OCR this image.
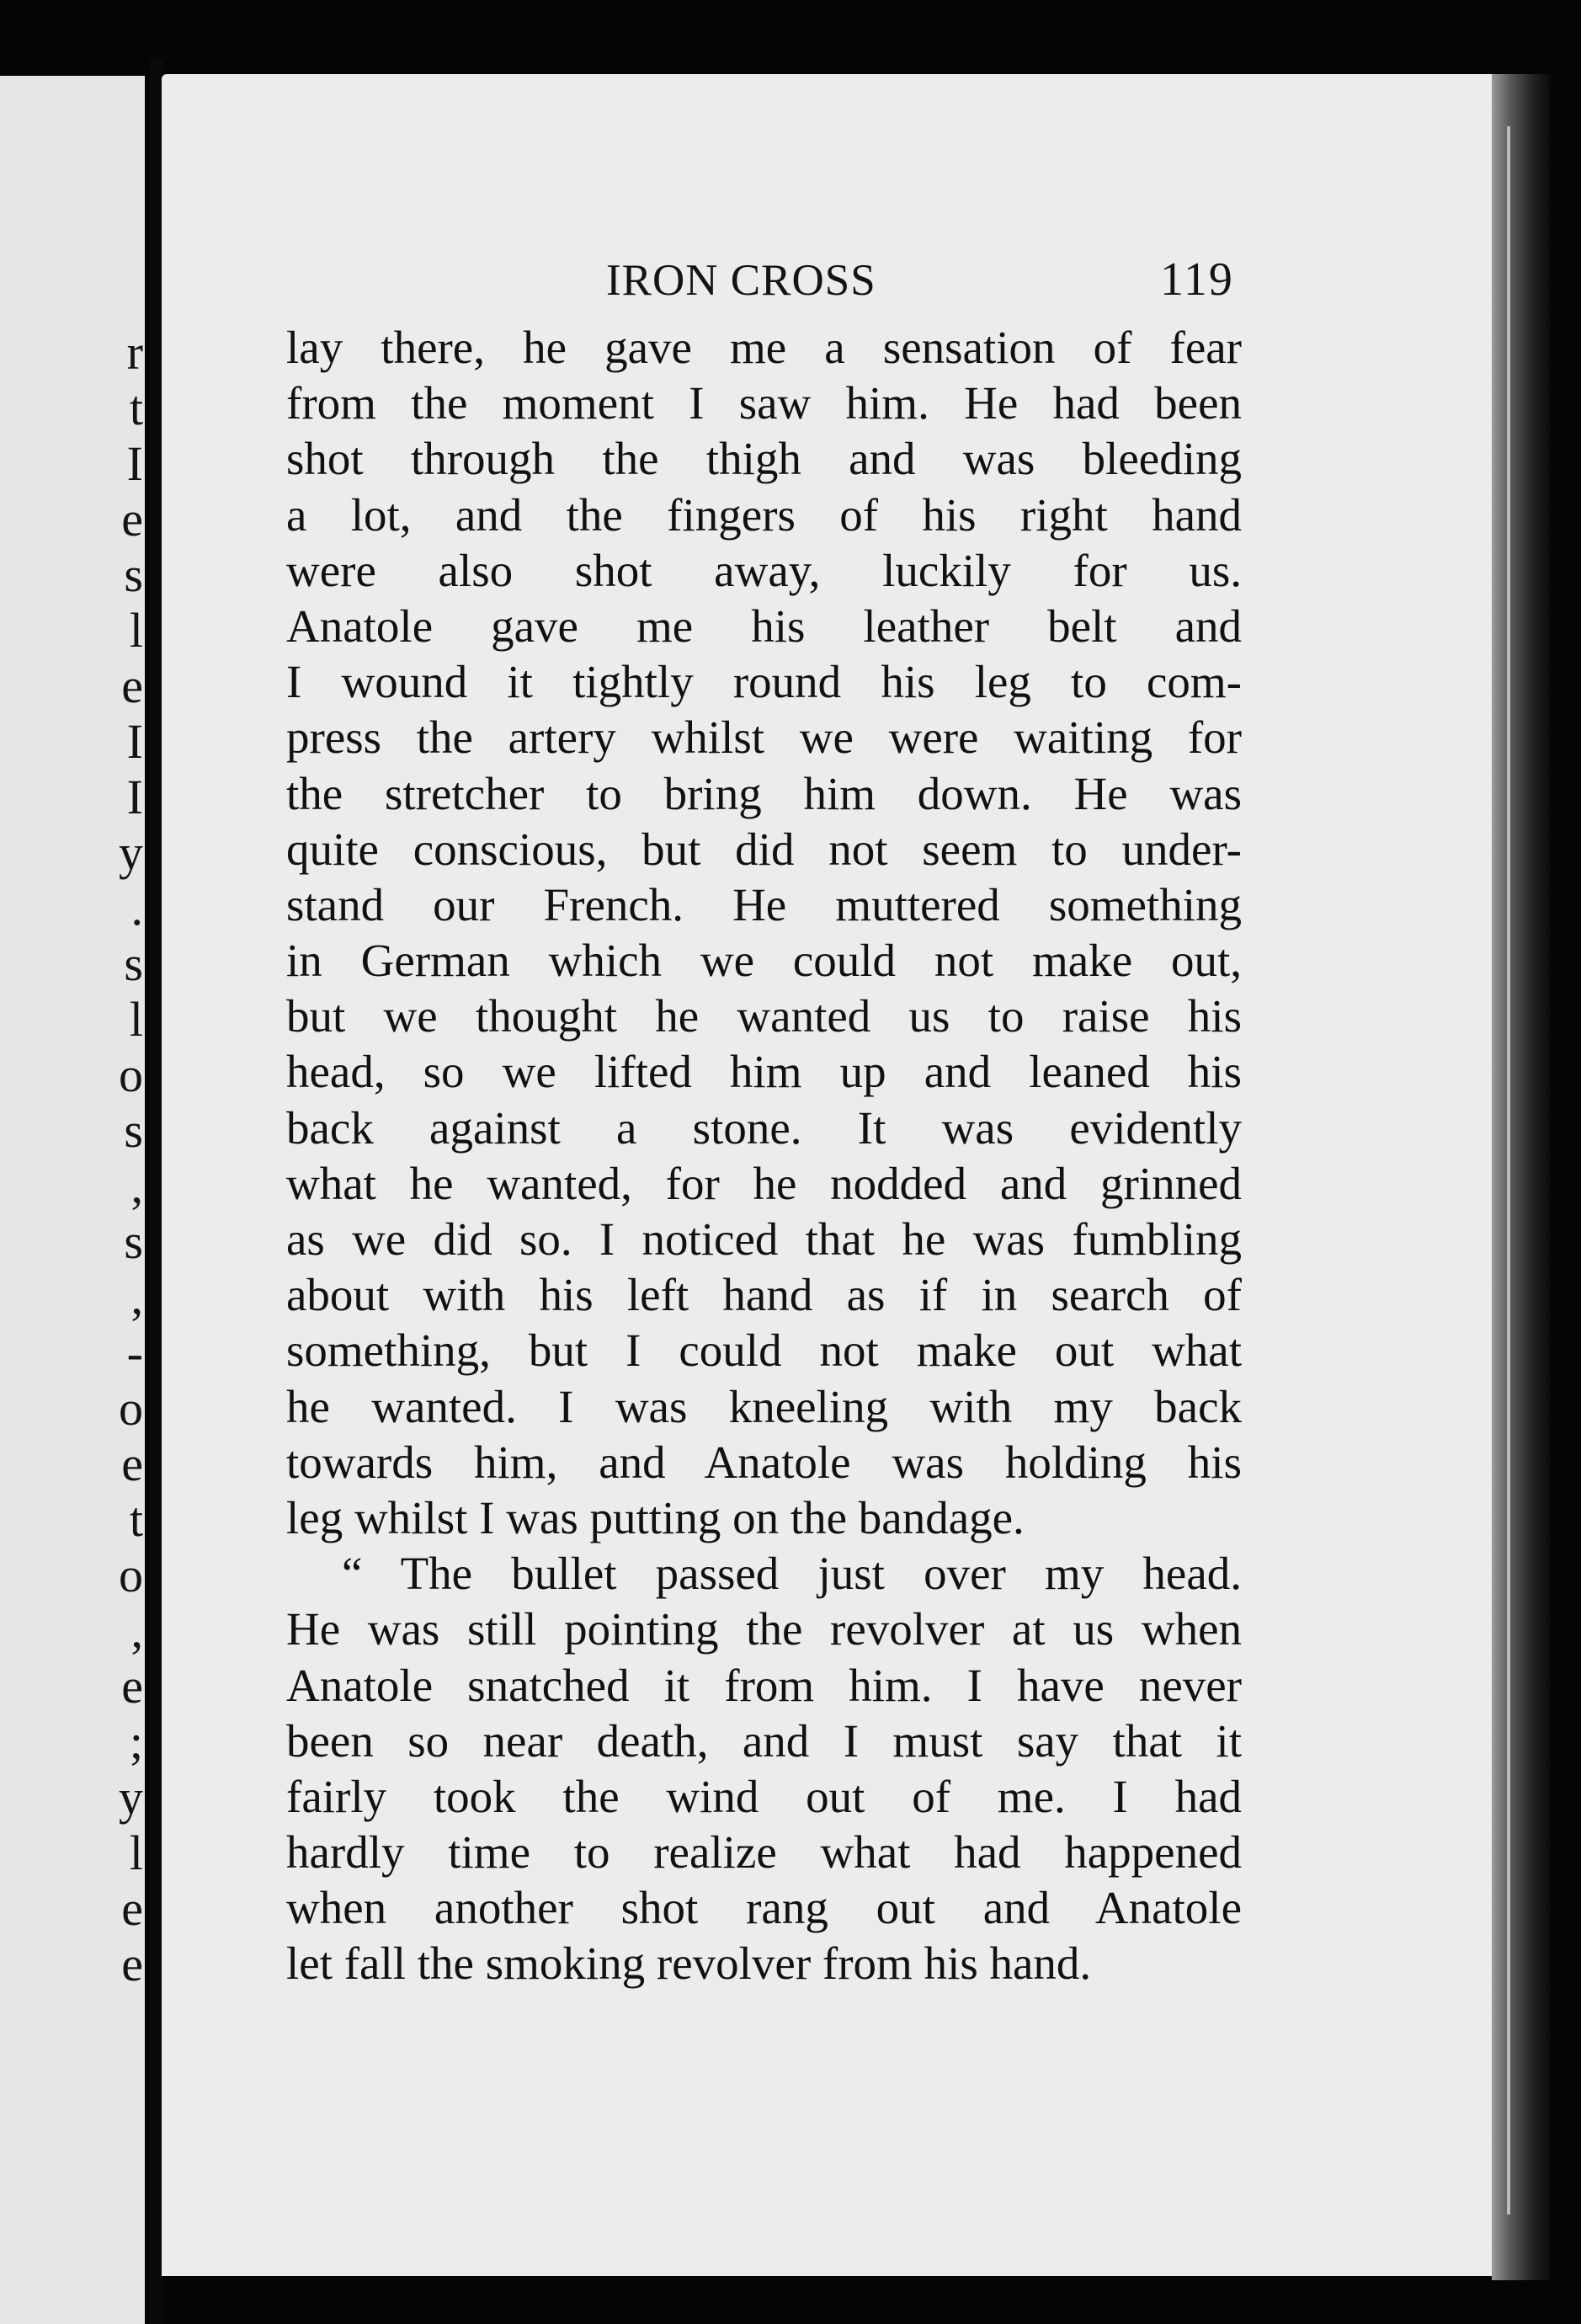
r
t
I
e
s
l
e
I
I
y
.
s
l
o
s
,
s
,
-
o
e
t
o
,
e
;
y
l
e
e
IRON CROSS	119
lay there, he gave me a sensation of fear
from the moment I saw him. He had been
shot through the thigh and was bleeding
a lot, and the fingers of his right hand
were also shot away, luckily for us.
Anatole gave me his leather belt and
I wound it tightly round his leg to com-
press the artery whilst we were waiting for
the stretcher to bring him down. He was
quite conscious, but did not seem to under-
stand our French. He muttered something
in German which we could not make out,
but we thought he wanted us to raise his
head, so we lifted him up and leaned his
back against a stone. It was evidently
what he wanted, for he nodded and grinned
as we did so. I noticed that he was fumbling
about with his left hand as if in search of
something, but I could not make out what
he wanted. I was kneeling with my back
towards him, and Anatole was holding his
leg whilst I was putting on the bandage.
“ The bullet passed just over my head.
He was still pointing the revolver at us when
Anatole snatched it from him. I have never
been so near death, and I must say that it
fairly took the wind out of me. I had
hardly time to realize what had happened
when another shot rang out and Anatole
let fall the smoking revolver from his hand.
